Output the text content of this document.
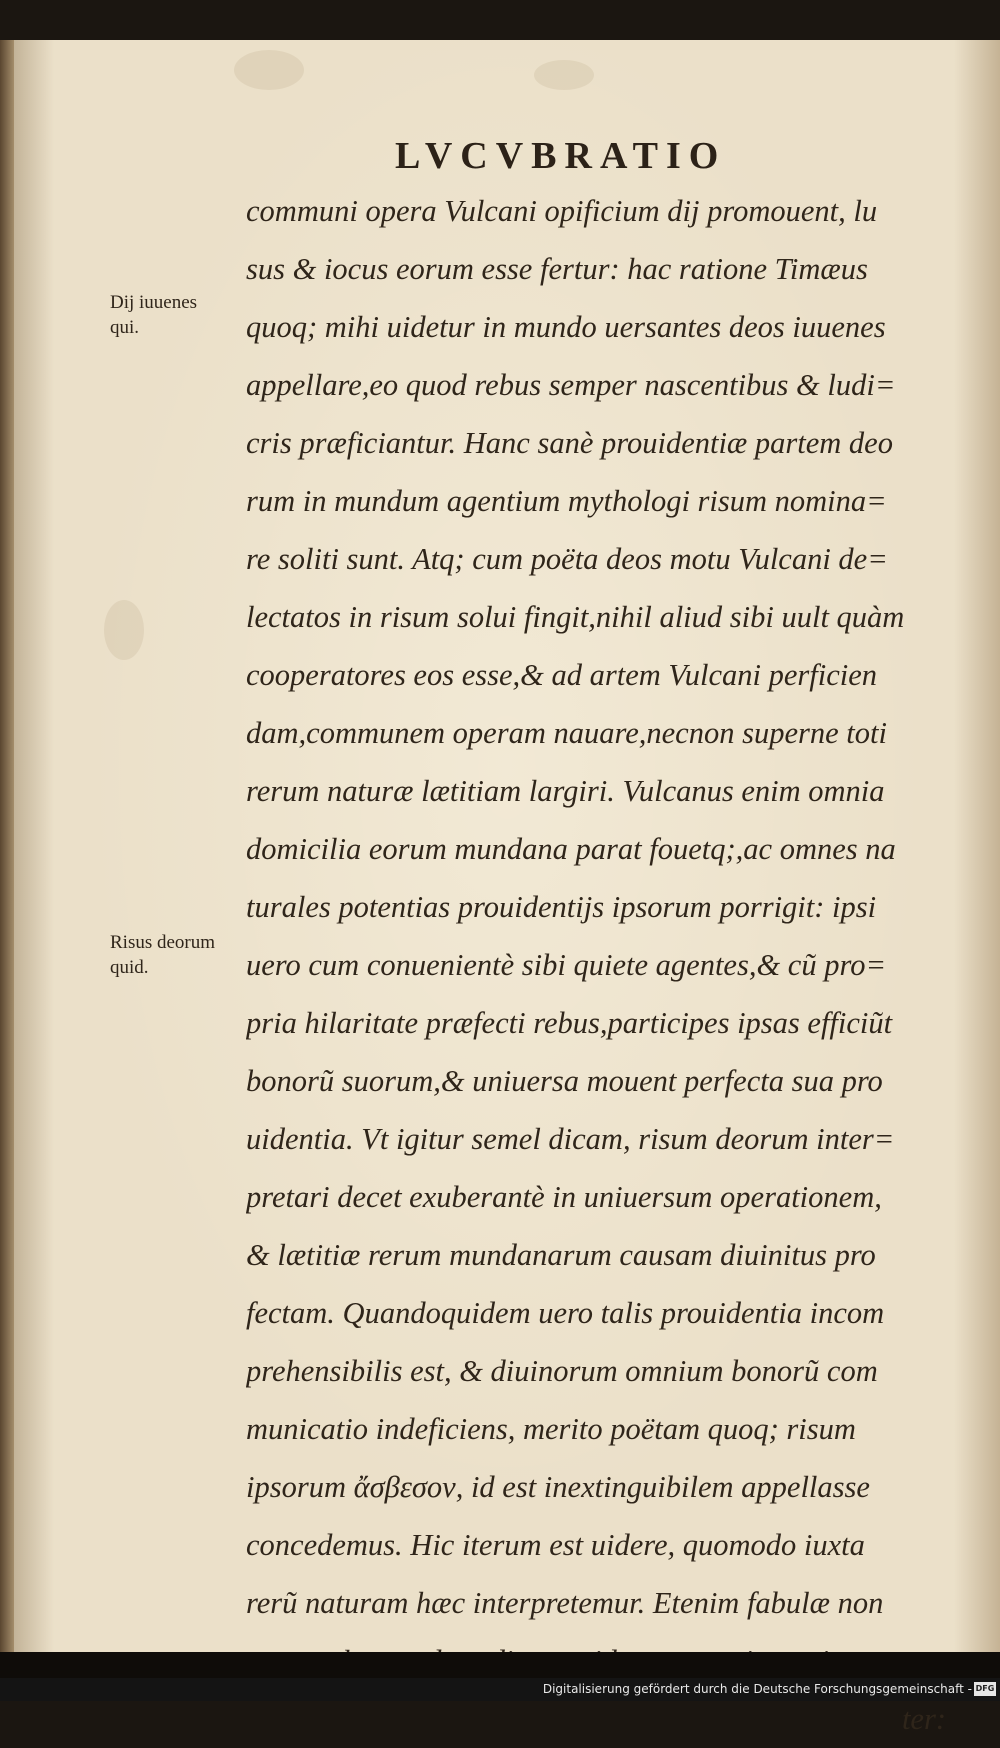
LVCVBRATIO
Dij iuuenes qui.
Risus deorum quid.
communi opera Vulcani opificium dij promouent, lu
sus & iocus eorum esse fertur: hac ratione Timæus
quoq; mihi uidetur in mundo uersantes deos iuuenes
appellare,eo quod rebus semper nascentibus & ludi=
cris præficiantur. Hanc sanè prouidentiæ partem deo
rum in mundum agentium mythologi risum nomina=
re soliti sunt. Atq; cum poëta deos motu Vulcani de=
lectatos in risum solui fingit,nihil aliud sibi uult quàm
cooperatores eos esse,& ad artem Vulcani perficien
dam,communem operam nauare,necnon superne toti
rerum naturæ lætitiam largiri. Vulcanus enim omnia
domicilia eorum mundana parat fouetq;,ac omnes na
turales potentias prouidentijs ipsorum porrigit: ipsi
uero cum conuenientè sibi quiete agentes,& cũ pro=
pria hilaritate præfecti rebus,participes ipsas efficiũt
bonorũ suorum,& uniuersa mouent perfecta sua pro
uidentia. Vt igitur semel dicam, risum deorum inter=
pretari decet exuberantè in uniuersum operationem,
& lætitiæ rerum mundanarum causam diuinitus pro
fectam. Quandoquidem uero talis prouidentia incom
prehensibilis est, & diuinorum omnium bonorũ com
municatio indeficiens, merito poëtam quoq; risum
ipsorum ἄσβεσον, id est inextinguibilem appellasse
concedemus. Hic iterum est uidere, quomodo iuxta
rerũ naturam hæc interpretemur. Etenim fabulæ non
ter:
Digitalisierung gefördert durch die Deutsche Forschungsgemeinschaft - DFG
